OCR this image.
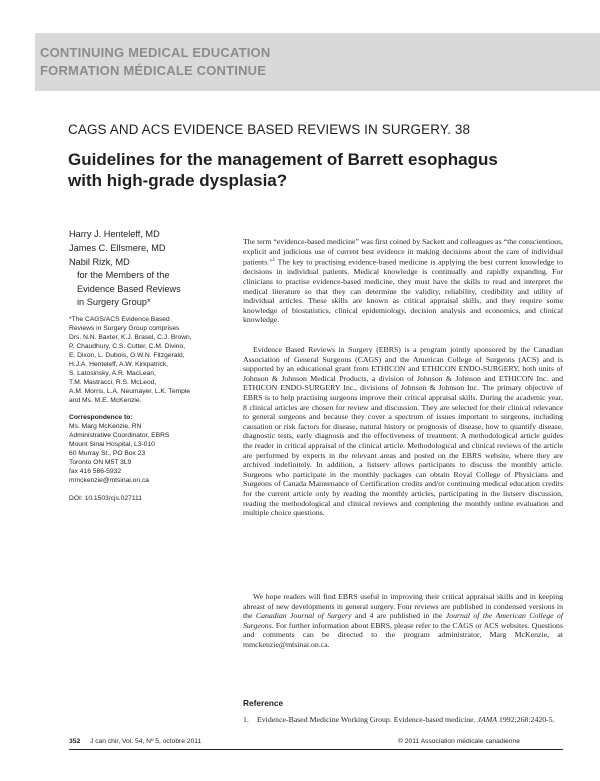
CONTINUING MEDICAL EDUCATION
FORMATION MÉDICALE CONTINUE
CAGS AND ACS EVIDENCE BASED REVIEWS IN SURGERY. 38
Guidelines for the management of Barrett esophagus with high-grade dysplasia?
Harry J. Henteleff, MD
James C. Ellsmere, MD
Nabil Rizk, MD
for the Members of the
Evidence Based Reviews
in Surgery Group*
*The CAGS/ACS Evidence Based
Reviews in Surgery Group comprises
Drs. N.N. Baxter, K.J. Brasel, C.J. Brown,
P. Chaudhury, C.S. Cutter, C.M. Divino,
E. Dixon, L. Dubois, G.W.N. Fitzgerald,
H.J.A. Henteleff, A.W. Kirkpatrick,
S. Latosinsky, A.R. MacLean,
T.M. Mastracci, R.S. McLeod,
A.M. Morris, L.A. Neumayer, L.K. Temple
and Ms. M.E. McKenzie.
Correspondence to:
Ms. Marg McKenzie, RN
Administrative Coordinator, EBRS
Mount Sinai Hospital, L3-010
60 Murray St., PO Box 23
Toronto ON M5T 3L9
fax 416 586-5932
mmckenzie@mtsinai.on.ca
DOI: 10.1503/cjs.027111
The term “evidence-based medicine” was first coined by Sackett and colleagues as “the conscientious, explicit and judicious use of current best evidence in making decisions about the care of individual patients.”$^1$ The key to practising evidence-based medicine is applying the best current knowledge to decisions in individual patients. Medical knowledge is continually and rapidly expanding. For clinicians to practise evidence-based medicine, they must have the skills to read and interpret the medical literature so that they can determine the validity, reliability, credibility and utility of individual articles. These skills are known as critical appraisal skills, and they require some knowledge of biostatistics, clinical epidemiology, decision analysis and economics, and clinical knowledge.
Evidence Based Reviews in Surgery (EBRS) is a program jointly sponsored by the Canadian Association of General Surgeons (CAGS) and the American College of Surgeons (ACS) and is supported by an educational grant from ETHICON and ETHICON ENDO-SURGERY, both units of Johnson & Johnson Medical Products, a division of Johnson & Johnson and ETHICON Inc. and ETHICON ENDO-SURGERY Inc., divisions of Johnson & Johnson Inc. The primary objective of EBRS is to help practising surgeons improve their critical appraisal skills. During the academic year, 8 clinical articles are chosen for review and discussion. They are selected for their clinical relevance to general surgeons and because they cover a spectrum of issues important to surgeons, including causation or risk factors for disease, natural history or prognosis of disease, how to quantify disease, diagnostic tests, early diagnosis and the effectiveness of treatment. A methodological article guides the reader in critical appraisal of the clinical article. Methodological and clinical reviews of the article are performed by experts in the relevant areas and posted on the EBRS website, where they are archived indefinitely. In addition, a listserv allows participants to discuss the monthly article. Surgeons who participate in the monthly packages can obtain Royal College of Physicians and Surgeons of Canada Maintenance of Certification credits and/or continuing medical education credits for the current article only by reading the monthly articles, participating in the listserv discussion, reading the methodological and clinical reviews and completing the monthly online evaluation and multiple choice questions.
We hope readers will find EBRS useful in improving their critical appraisal skills and in keeping abreast of new developments in general surgery. Four reviews are published in condensed versions in the Canadian Journal of Surgery and 4 are published in the Journal of the American College of Surgeons. For further information about EBRS, please refer to the CAGS or ACS websites. Questions and comments can be directed to the program administrator, Marg McKenzie, at mmckenzie@mtsinai.on.ca.
Reference
1. Evidence-Based Medicine Working Group. Evidence-based medicine. JAMA 1992;268:2420-5.
352 J can chir, Vol. 54, Nº 5, octobre 2011	© 2011 Association médicale canadienne
